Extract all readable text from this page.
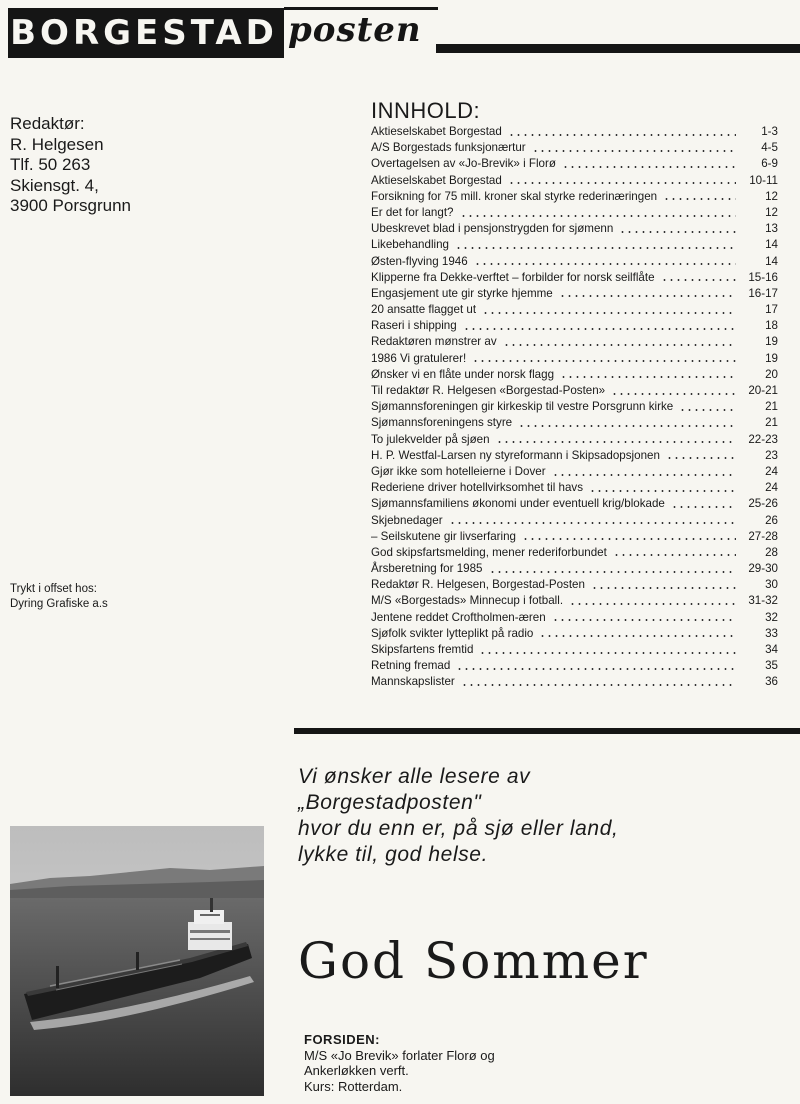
BORGESTAD posten
Redaktør:
R. Helgesen
Tlf. 50 263
Skiensgt. 4,
3900 Porsgrunn
Trykt i offset hos:
Dyring Grafiske a.s
INNHOLD:
Aktieselskabet Borgestad	1-3
A/S Borgestads funksjonærtur	4-5
Overtagelsen av «Jo-Brevik» i Florø	6-9
Aktieselskabet Borgestad	10-11
Forsikning for 75 mill. kroner skal styrke rederinæringen	12
Er det for langt?	12
Ubeskrevet blad i pensjonstrygden for sjømenn	13
Likebehandling	14
Østen-flyving 1946	14
Klipperne fra Dekke-verftet – forbilder for norsk seilflåte	15-16
Engasjement ute gir styrke hjemme	16-17
20 ansatte flagget ut	17
Raseri i shipping	18
Redaktøren mønstrer av	19
1986 Vi gratulerer!	19
Ønsker vi en flåte under norsk flagg	20
Til redaktør R. Helgesen «Borgestad-Posten»	20-21
Sjømannsforeningen gir kirkeskip til vestre Porsgrunn kirke	21
Sjømannsforeningens styre	21
To julekvelder på sjøen	22-23
H. P. Westfal-Larsen ny styreformann i Skipsadopsjonen	23
Gjør ikke som hotelleierne i Dover	24
Rederiene driver hotellvirksomhet til havs	24
Sjømannsfamiliens økonomi under eventuell krig/blokade	25-26
Skjebnedager	26
– Seilskutene gir livserfaring	27-28
God skipsfartsmelding, mener rederiforbundet	28
Årsberetning for 1985	29-30
Redaktør R. Helgesen, Borgestad-Posten	30
M/S «Borgestads» Minnecup i fotball.	31-32
Jentene reddet Croftholmen-æren	32
Sjøfolk svikter lytteplikt på radio	33
Skipsfartens fremtid	34
Retning fremad	35
Mannskapslister	36
Vi ønsker alle lesere av
„Borgestadposten"
hvor du enn er, på sjø eller land,
lykke til, god helse.
God Sommer
FORSIDEN:
M/S «Jo Brevik» forlater Florø og
Ankerløkken verft.
Kurs: Rotterdam.
